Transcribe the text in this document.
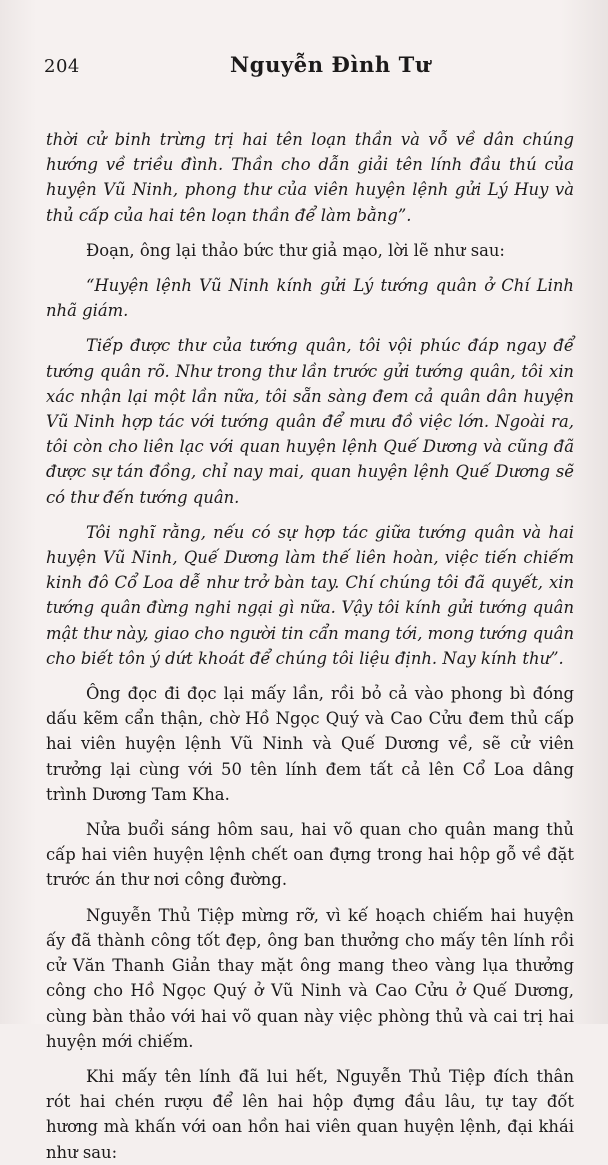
204	Nguyễn Đình Tư

thời cử binh trừng trị hai tên loạn thần và vỗ về dân chúng hướng về triều đình. Thần cho dẫn giải tên lính đầu thú của huyện Vũ Ninh, phong thư của viên huyện lệnh gửi Lý Huy và thủ cấp của hai tên loạn thần để làm bằng”.

Đoạn, ông lại thảo bức thư giả mạo, lời lẽ như sau:

“Huyện lệnh Vũ Ninh kính gửi Lý tướng quân ở Chí Linh nhã giám.

Tiếp được thư của tướng quân, tôi vội phúc đáp ngay để tướng quân rõ. Như trong thư lần trước gửi tướng quân, tôi xin xác nhận lại một lần nữa, tôi sẵn sàng đem cả quân dân huyện Vũ Ninh hợp tác với tướng quân để mưu đồ việc lớn. Ngoài ra, tôi còn cho liên lạc với quan huyện lệnh Quế Dương và cũng đã được sự tán đồng, chỉ nay mai, quan huyện lệnh Quế Dương sẽ có thư đến tướng quân.

Tôi nghĩ rằng, nếu có sự hợp tác giữa tướng quân và hai huyện Vũ Ninh, Quế Dương làm thế liên hoàn, việc tiến chiếm kinh đô Cổ Loa dễ như trở bàn tay. Chí chúng tôi đã quyết, xin tướng quân đừng nghi ngại gì nữa. Vậy tôi kính gửi tướng quân mật thư này, giao cho người tin cẩn mang tới, mong tướng quân cho biết tôn ý dứt khoát để chúng tôi liệu định. Nay kính thư”.

Ông đọc đi đọc lại mấy lần, rồi bỏ cả vào phong bì đóng dấu kẽm cẩn thận, chờ Hồ Ngọc Quý và Cao Cửu đem thủ cấp hai viên huyện lệnh Vũ Ninh và Quế Dương về, sẽ cử viên trưởng lại cùng với 50 tên lính đem tất cả lên Cổ Loa dâng trình Dương Tam Kha.

Nửa buổi sáng hôm sau, hai võ quan cho quân mang thủ cấp hai viên huyện lệnh chết oan đựng trong hai hộp gỗ về đặt trước án thư nơi công đường.

Nguyễn Thủ Tiệp mừng rỡ, vì kế hoạch chiếm hai huyện ấy đã thành công tốt đẹp, ông ban thưởng cho mấy tên lính rồi cử Văn Thanh Giản thay mặt ông mang theo vàng lụa thưởng công cho Hồ Ngọc Quý ở Vũ Ninh và Cao Cửu ở Quế Dương, cùng bàn thảo với hai võ quan này việc phòng thủ và cai trị hai huyện mới chiếm.

Khi mấy tên lính đã lui hết, Nguyễn Thủ Tiệp đích thân rót hai chén rượu để lên hai hộp đựng đầu lâu, tự tay đốt hương mà khấn với oan hồn hai viên quan huyện lệnh, đại khái như sau:
